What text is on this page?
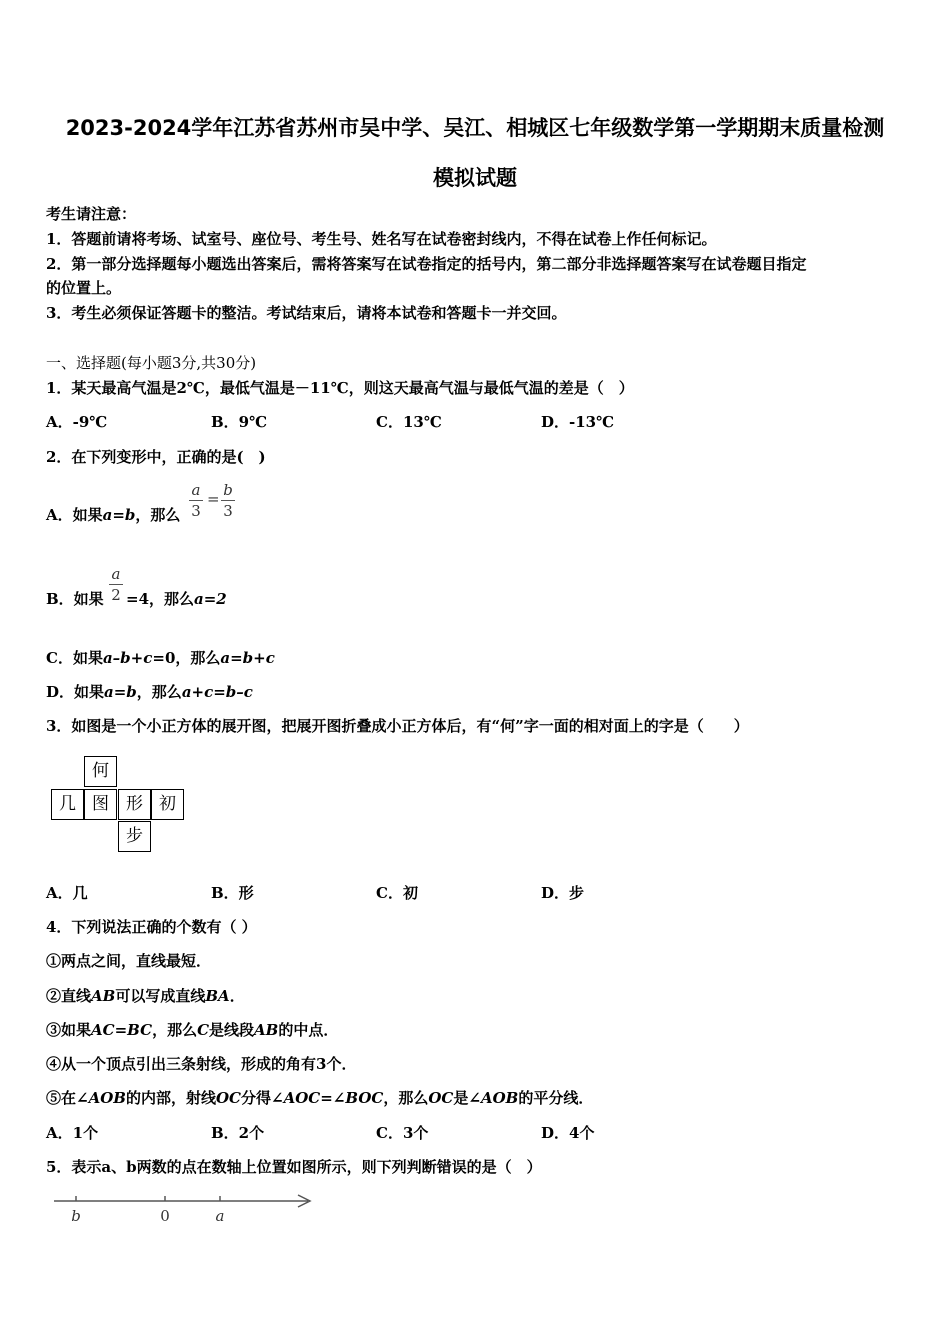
2023-2024学年江苏省苏州市吴中学、吴江、相城区七年级数学第一学期期末质量检测
模拟试题
考生请注意：
1．答题前请将考场、试室号、座位号、考生号、姓名写在试卷密封线内，不得在试卷上作任何标记。
2．第一部分选择题每小题选出答案后，需将答案写在试卷指定的括号内，第二部分非选择题答案写在试卷题目指定
的位置上。
3．考生必须保证答题卡的整洁。考试结束后，请将本试卷和答题卡一并交回。
一、选择题(每小题3分,共30分)
1．某天最高气温是2℃，最低气温是－11℃，则这天最高气温与最低气温的差是（　）
A．-9℃	B．9℃	C．13℃	D．-13℃
2．在下列变形中，正确的是(　)
A．如果a=b，那么
a
3
= b
3
B．如果
a
2 =4，那么a=2
C．如果a–b+c=0，那么a=b+c
D．如果a=b，那么a+c=b–c
3．如图是一个小正方体的展开图，把展开图折叠成小正方体后，有“何”字一面的相对面上的字是（　　）
何
几 图	形 初
步
A．几	B．形	C．初	D．步
4．下列说法正确的个数有（ ）
①两点之间，直线最短．
②直线AB可以写成直线BA．
③如果AC=BC，那么C是线段AB的中点．
④从一个顶点引出三条射线，形成的角有3个．
⑤在∠AOB的内部，射线OC分得∠AOC=∠BOC，那么OC是∠AOB的平分线．
A．1个	B．2个	C．3个	D．4个
5．表示a、b两数的点在数轴上位置如图所示，则下列判断错误的是（　）
b	0	a
